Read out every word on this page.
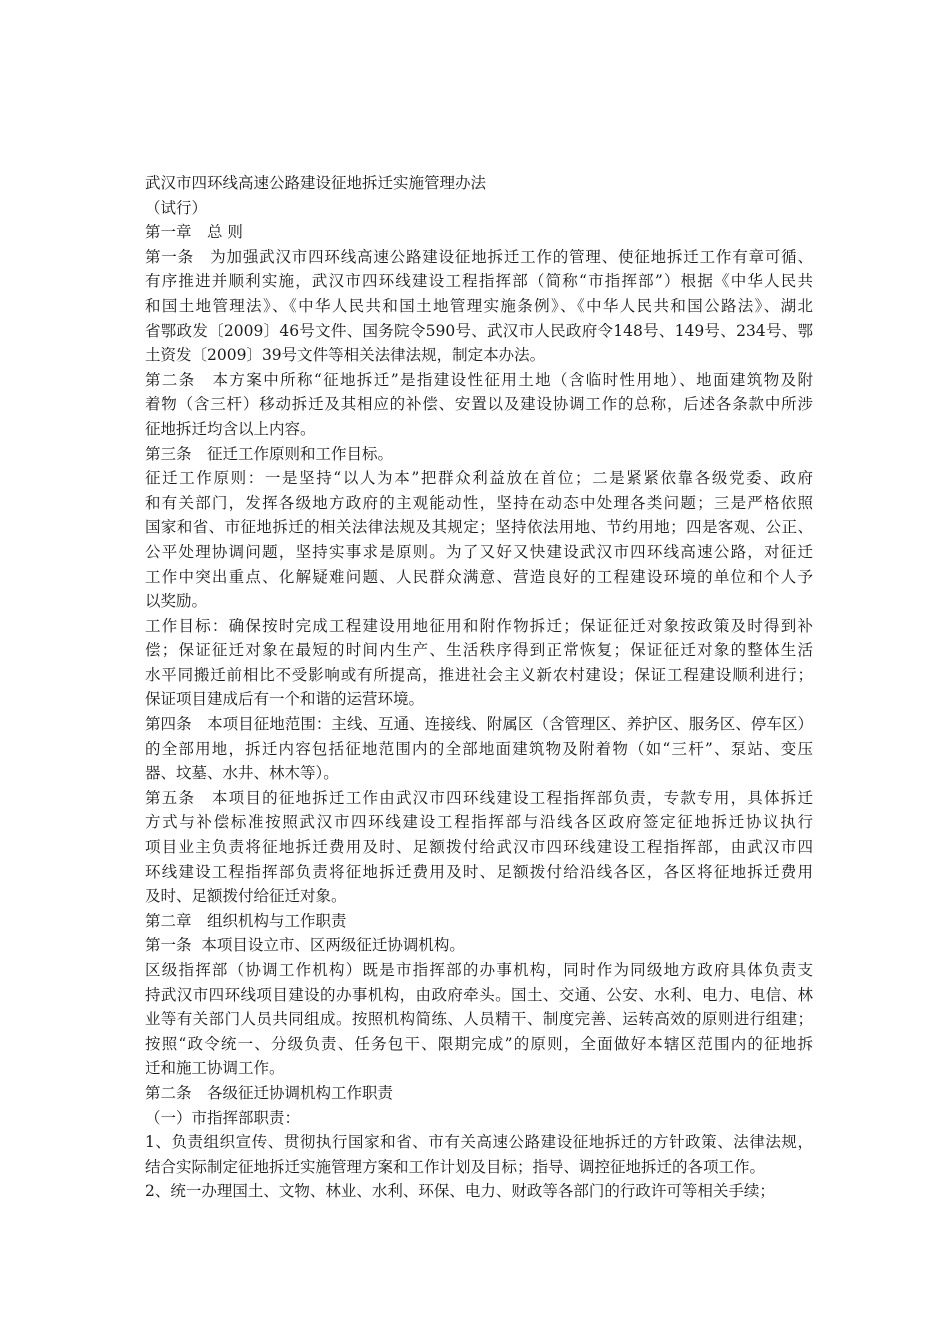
武汉市四环线高速公路建设征地拆迁实施管理办法

（试行）

第一章　总 则

第一条　为加强武汉市四环线高速公路建设征地拆迁工作的管理、使征地拆迁工作有章可循、

有序推进并顺利实施，武汉市四环线建设工程指挥部（简称“市指挥部”）根据《中华人民共

和国土地管理法》、《中华人民共和国土地管理实施条例》、《中华人民共和国公路法》、湖北

省鄂政发〔2009〕46号文件、国务院令590号、武汉市人民政府令148号、149号、234号、鄂

土资发〔2009〕39号文件等相关法律法规，制定本办法。

第二条　本方案中所称“征地拆迁”是指建设性征用土地（含临时性用地）、地面建筑物及附

着物（含三杆）移动拆迁及其相应的补偿、安置以及建设协调工作的总称，后述各条款中所涉

征地拆迁均含以上内容。

第三条　征迁工作原则和工作目标。

征迁工作原则：一是坚持“以人为本”把群众利益放在首位；二是紧紧依靠各级党委、政府

和有关部门，发挥各级地方政府的主观能动性，坚持在动态中处理各类问题；三是严格依照

国家和省、市征地拆迁的相关法律法规及其规定；坚持依法用地、节约用地；四是客观、公正、

公平处理协调问题，坚持实事求是原则。为了又好又快建设武汉市四环线高速公路，对征迁

工作中突出重点、化解疑难问题、人民群众满意、营造良好的工程建设环境的单位和个人予

以奖励。

工作目标：确保按时完成工程建设用地征用和附作物拆迁；保证征迁对象按政策及时得到补

偿；保证征迁对象在最短的时间内生产、生活秩序得到正常恢复；保证征迁对象的整体生活

水平同搬迁前相比不受影响或有所提高，推进社会主义新农村建设；保证工程建设顺利进行；

保证项目建成后有一个和谐的运营环境。

第四条　本项目征地范围：主线、互通、连接线、附属区（含管理区、养护区、服务区、停车区）

的全部用地，拆迁内容包括征地范围内的全部地面建筑物及附着物（如“三杆”、泵站、变压

器、坟墓、水井、林木等）。

第五条　本项目的征地拆迁工作由武汉市四环线建设工程指挥部负责，专款专用，具体拆迁

方式与补偿标准按照武汉市四环线建设工程指挥部与沿线各区政府签定征地拆迁协议执行

项目业主负责将征地拆迁费用及时、足额拨付给武汉市四环线建设工程指挥部，由武汉市四

环线建设工程指挥部负责将征地拆迁费用及时、足额拨付给沿线各区，各区将征地拆迁费用

及时、足额拨付给征迁对象。

第二章　组织机构与工作职责

第一条  本项目设立市、区两级征迁协调机构。

区级指挥部（协调工作机构）既是市指挥部的办事机构，同时作为同级地方政府具体负责支

持武汉市四环线项目建设的办事机构，由政府牵头。国土、交通、公安、水利、电力、电信、林

业等有关部门人员共同组成。按照机构简练、人员精干、制度完善、运转高效的原则进行组建；

按照“政令统一、分级负责、任务包干、限期完成”的原则，全面做好本辖区范围内的征地拆

迁和施工协调工作。

第二条　各级征迁协调机构工作职责

（一）市指挥部职责：

1、负责组织宣传、贯彻执行国家和省、市有关高速公路建设征地拆迁的方针政策、法律法规，

结合实际制定征地拆迁实施管理方案和工作计划及目标；指导、调控征地拆迁的各项工作。

2、统一办理国土、文物、林业、水利、环保、电力、财政等各部门的行政许可等相关手续；
